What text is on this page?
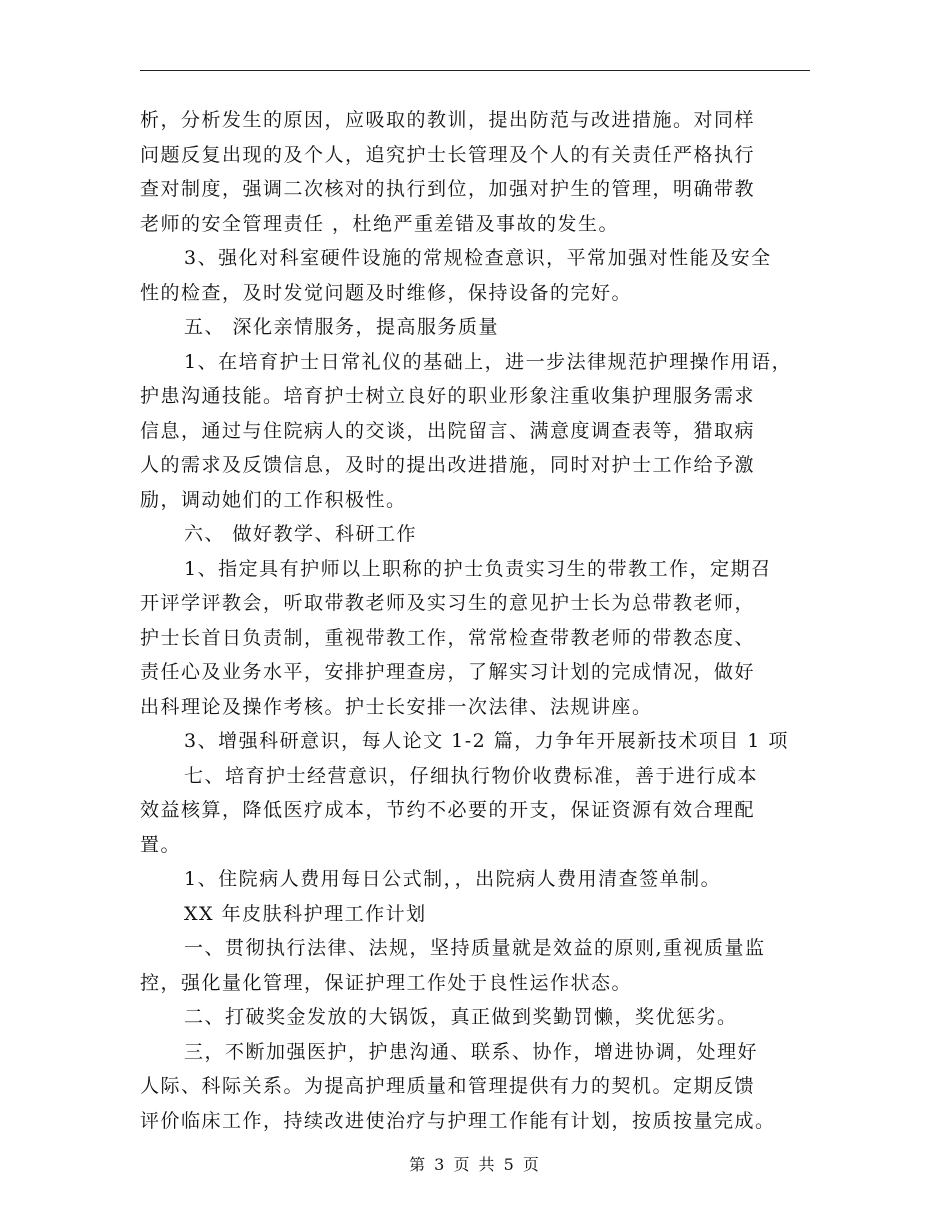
析，分析发生的原因，应吸取的教训，提出防范与改进措施。对同样
问题反复出现的及个人，追究护士长管理及个人的有关责任严格执行
查对制度，强调二次核对的执行到位，加强对护生的管理，明确带教
老师的安全管理责任 ，杜绝严重差错及事故的发生。
3、强化对科室硬件设施的常规检查意识，平常加强对性能及安全
性的检查，及时发觉问题及时维修，保持设备的完好。
五、 深化亲情服务，提高服务质量
1、在培育护士日常礼仪的基础上，进一步法律规范护理操作用语，
护患沟通技能。培育护士树立良好的职业形象注重收集护理服务需求
信息，通过与住院病人的交谈，出院留言、满意度调查表等，猎取病
人的需求及反馈信息，及时的提出改进措施，同时对护士工作给予激
励，调动她们的工作积极性。
六、 做好教学、科研工作
1、指定具有护师以上职称的护士负责实习生的带教工作，定期召
开评学评教会，听取带教老师及实习生的意见护士长为总带教老师，
护士长首日负责制，重视带教工作，常常检查带教老师的带教态度、
责任心及业务水平，安排护理查房，了解实习计划的完成情况，做好
出科理论及操作考核。护士长安排一次法律、法规讲座。
3、增强科研意识，每人论文 1-2 篇，力争年开展新技术项目 1 项
七、培育护士经营意识，仔细执行物价收费标准，善于进行成本
效益核算，降低医疗成本，节约不必要的开支，保证资源有效合理配
置。
1、住院病人费用每日公式制，，出院病人费用清查签单制。
XX 年皮肤科护理工作计划
一、贯彻执行法律、法规，坚持质量就是效益的原则,重视质量监
控，强化量化管理，保证护理工作处于良性运作状态。
二、打破奖金发放的大锅饭，真正做到奖勤罚懒，奖优惩劣。
三，不断加强医护，护患沟通、联系、协作，增进协调，处理好
人际、科际关系。为提高护理质量和管理提供有力的契机。定期反馈
评价临床工作，持续改进使治疗与护理工作能有计划，按质按量完成。
第 3 页 共 5 页
